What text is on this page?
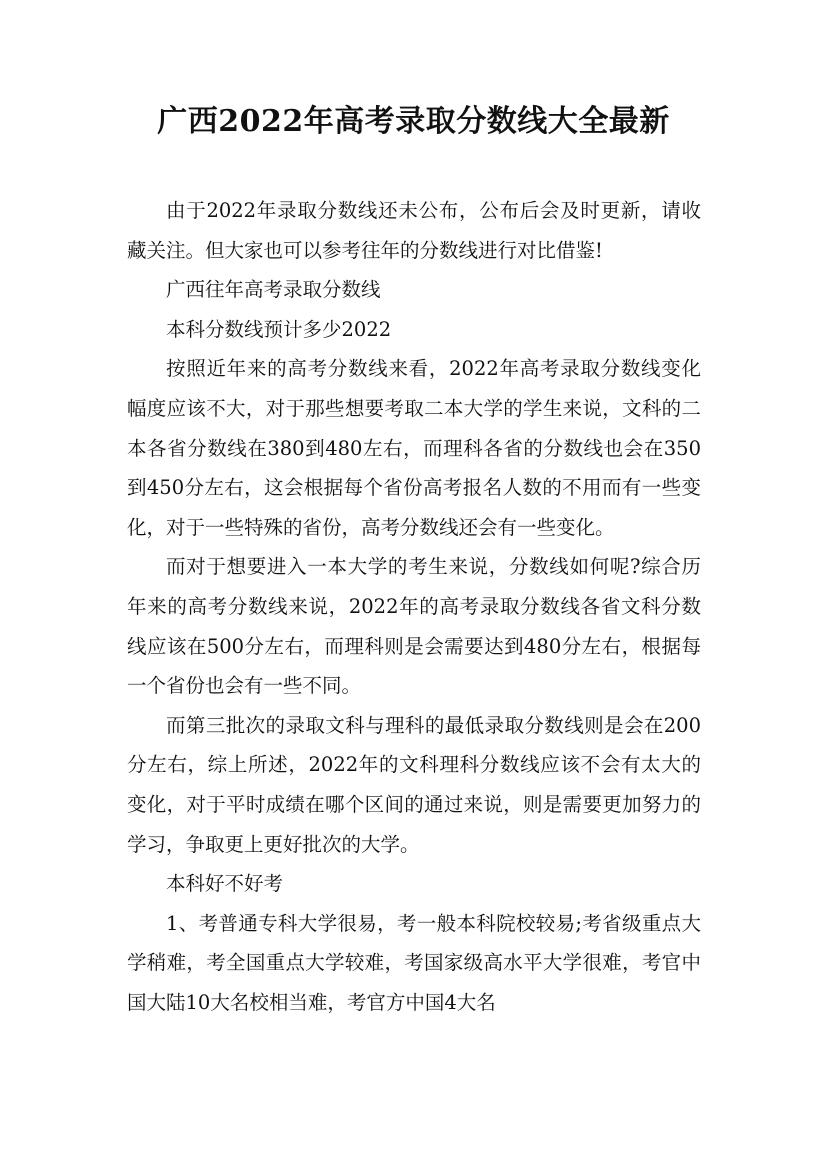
广西2022年高考录取分数线大全最新

由于2022年录取分数线还未公布，公布后会及时更新，请收藏关注。但大家也可以参考往年的分数线进行对比借鉴!

广西往年高考录取分数线

本科分数线预计多少2022

按照近年来的高考分数线来看，2022年高考录取分数线变化幅度应该不大，对于那些想要考取二本大学的学生来说，文科的二本各省分数线在380到480左右，而理科各省的分数线也会在350到450分左右，这会根据每个省份高考报名人数的不用而有一些变化，对于一些特殊的省份，高考分数线还会有一些变化。

而对于想要进入一本大学的考生来说，分数线如何呢?综合历年来的高考分数线来说，2022年的高考录取分数线各省文科分数线应该在500分左右，而理科则是会需要达到480分左右，根据每一个省份也会有一些不同。

而第三批次的录取文科与理科的最低录取分数线则是会在200分左右，综上所述，2022年的文科理科分数线应该不会有太大的变化，对于平时成绩在哪个区间的通过来说，则是需要更加努力的学习，争取更上更好批次的大学。

本科好不好考

1、考普通专科大学很易，考一般本科院校较易;考省级重点大学稍难，考全国重点大学较难，考国家级高水平大学很难，考官中国大陆10大名校相当难，考官方中国4大名
